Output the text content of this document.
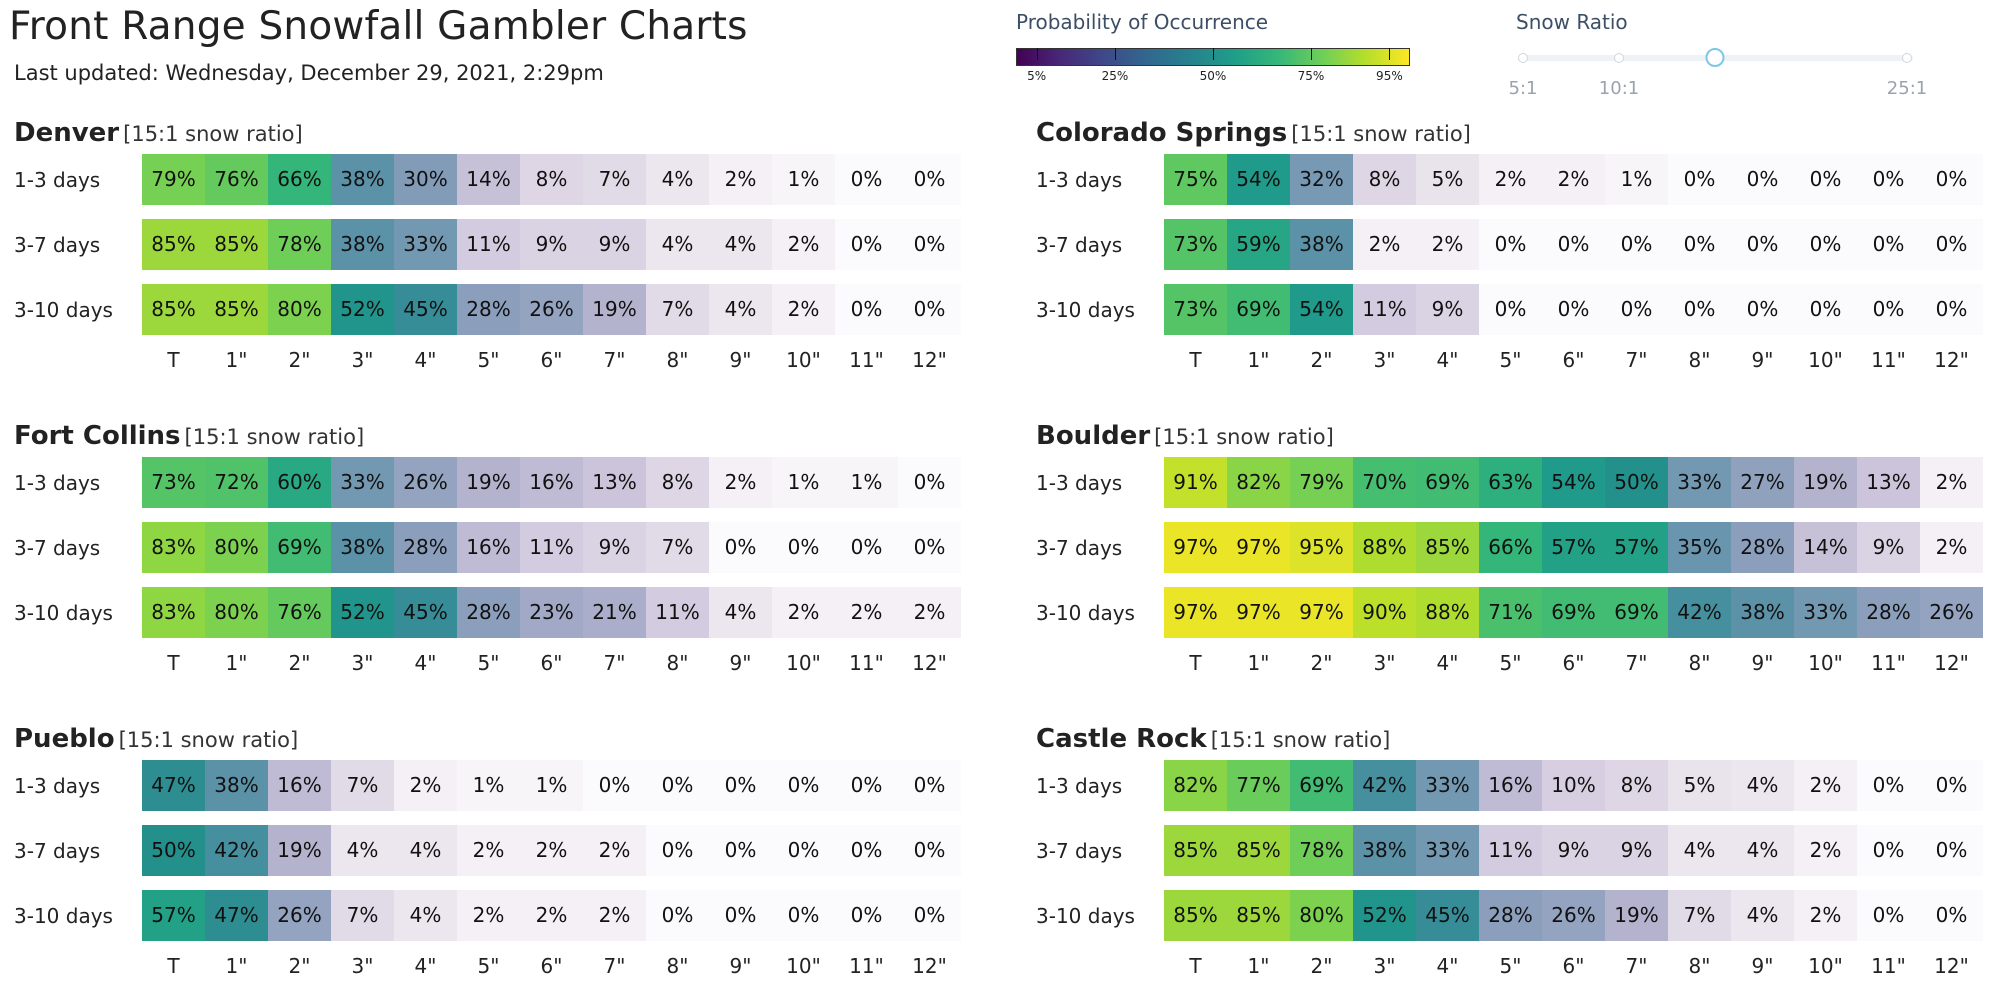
Front Range Snowfall Gambler Charts
Last updated: Wednesday, December 29, 2021, 2:29pm
Probability of Occurrence
5%	25%	50%	75%	95%
Snow Ratio
5:1	10:1	25:1
Denver [15:1 snow ratio]
1-3 days	79% 76% 66% 38% 30% 14%	8%	7%	4%	2%	1%	0%	0%
3-7 days	85% 85% 78% 38% 33% 11%	9%	9%	4%	4%	2%	0%	0%
3-10 days	85% 85% 80% 52% 45% 28% 26% 19%	7%	4%	2%	0%	0%
T	1"	2"	3"	4"	5"	6"	7"	8"	9"	10"	11"	12"
Colorado Springs [15:1 snow ratio]
1-3 days	75% 54% 32%	8%	5%	2%	2%	1%	0%	0%	0%	0%	0%
3-7 days	73% 59% 38%	2%	2%	0%	0%	0%	0%	0%	0%	0%	0%
3-10 days	73% 69% 54% 11%	9%	0%	0%	0%	0%	0%	0%	0%	0%
T	1"	2"	3"	4"	5"	6"	7"	8"	9"	10"	11"	12"
Fort Collins [15:1 snow ratio]
1-3 days	73% 72% 60% 33% 26% 19% 16% 13%	8%	2%	1%	1%	0%
3-7 days	83% 80% 69% 38% 28% 16% 11%	9%	7%	0%	0%	0%	0%
3-10 days	83% 80% 76% 52% 45% 28% 23% 21% 11%	4%	2%	2%	2%
T	1"	2"	3"	4"	5"	6"	7"	8"	9"	10"	11"	12"
Boulder [15:1 snow ratio]
1-3 days	91% 82% 79% 70% 69% 63% 54% 50% 33% 27% 19% 13%	2%
3-7 days	97% 97% 95% 88% 85% 66% 57% 57% 35% 28% 14%	9%	2%
3-10 days	97% 97% 97% 90% 88% 71% 69% 69% 42% 38% 33% 28% 26%
T	1"	2"	3"	4"	5"	6"	7"	8"	9"	10"	11"	12"
Pueblo [15:1 snow ratio]
1-3 days	47% 38% 16%	7%	2%	1%	1%	0%	0%	0%	0%	0%	0%
3-7 days	50% 42% 19%	4%	4%	2%	2%	2%	0%	0%	0%	0%	0%
3-10 days	57% 47% 26%	7%	4%	2%	2%	2%	0%	0%	0%	0%	0%
T	1"	2"	3"	4"	5"	6"	7"	8"	9"	10"	11"	12"
Castle Rock [15:1 snow ratio]
1-3 days	82% 77% 69% 42% 33% 16% 10%	8%	5%	4%	2%	0%	0%
3-7 days	85% 85% 78% 38% 33% 11%	9%	9%	4%	4%	2%	0%	0%
3-10 days	85% 85% 80% 52% 45% 28% 26% 19%	7%	4%	2%	0%	0%
T	1"	2"	3"	4"	5"	6"	7"	8"	9"	10"	11"	12"
